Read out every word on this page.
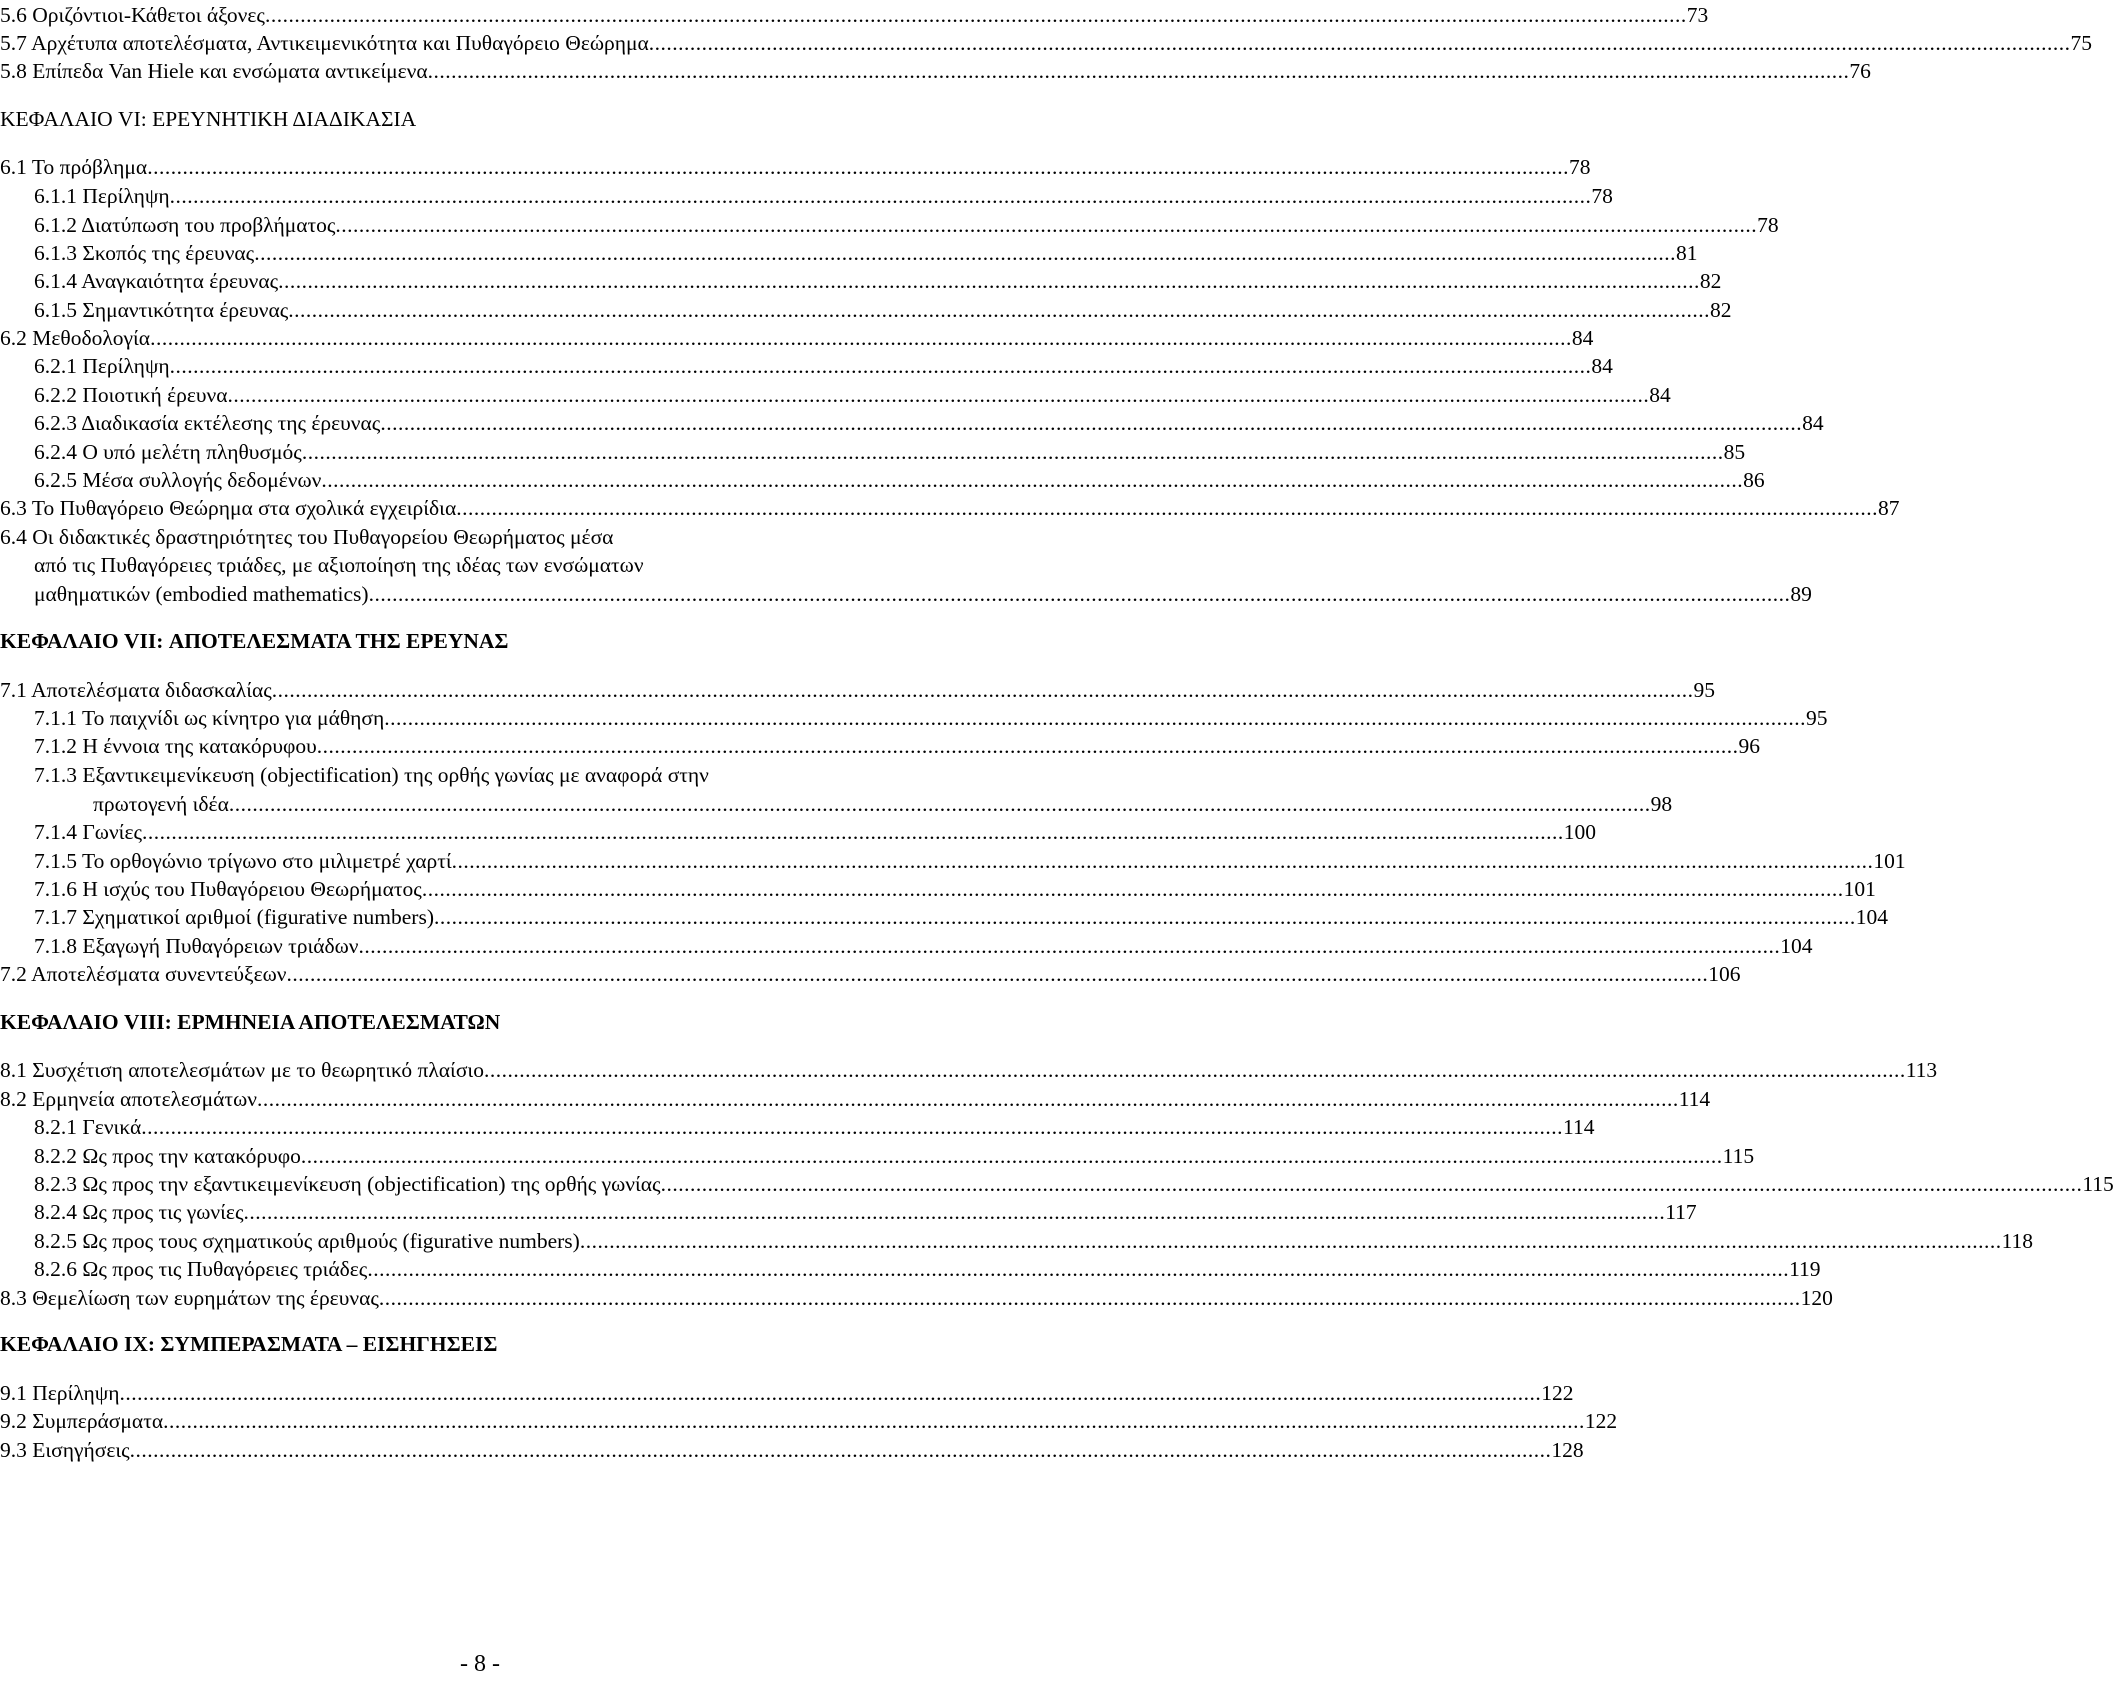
5.6 Οριζόντιοι-Κάθετοι άξονες .....	73
5.7 Αρχέτυπα αποτελέσματα, Αντικειμενικότητα και Πυθαγόρειο Θεώρημα .....	75
5.8 Επίπεδα Van Hiele και ενσώματα αντικείμενα .....	76
ΚΕΦΑΛΑΙΟ VI: ΕΡΕΥΝΗΤΙΚΗ ΔΙΑΔΙΚΑΣΙΑ
6.1 Το πρόβλημα .....	78
6.1.1 Περίληψη .....	78
6.1.2 Διατύπωση του προβλήματος .....	78
6.1.3 Σκοπός της έρευνας .....	81
6.1.4 Αναγκαιότητα έρευνας .....	82
6.1.5 Σημαντικότητα έρευνας .....	82
6.2 Μεθοδολογία .....	84
6.2.1 Περίληψη .....	84
6.2.2 Ποιοτική έρευνα .....	84
6.2.3 Διαδικασία εκτέλεσης της έρευνας .....	84
6.2.4 Ο υπό μελέτη πληθυσμός .....	85
6.2.5 Μέσα συλλογής δεδομένων .....	86
6.3 Το Πυθαγόρειο Θεώρημα στα σχολικά εγχειρίδια .....	87
6.4 Οι διδακτικές δραστηριότητες του Πυθαγορείου Θεωρήματος μέσα
από τις Πυθαγόρειες τριάδες, με αξιοποίηση της ιδέας των ενσώματων
μαθηματικών (embodied mathematics) .....	89
ΚΕΦΑΛΑΙΟ VII: ΑΠΟΤΕΛΕΣΜΑΤΑ ΤΗΣ ΕΡΕΥΝΑΣ
7.1 Αποτελέσματα διδασκαλίας .....	95
7.1.1 Το παιχνίδι ως κίνητρο για μάθηση .....	95
7.1.2 Η έννοια της κατακόρυφου .....	96
7.1.3 Εξαντικειμενίκευση (objectification) της ορθής γωνίας με αναφορά στην
πρωτογενή ιδέα .....	98
7.1.4 Γωνίες .....	100
7.1.5 Το ορθογώνιο τρίγωνο στο μιλιμετρέ χαρτί .....	101
7.1.6 Η ισχύς του Πυθαγόρειου Θεωρήματος .....	101
7.1.7 Σχηματικοί αριθμοί (figurative numbers) .....	104
7.1.8 Εξαγωγή Πυθαγόρειων τριάδων .....	104
7.2 Αποτελέσματα συνεντεύξεων .....	106
ΚΕΦΑΛΑΙΟ VIII: ΕΡΜΗΝΕΙΑ ΑΠΟΤΕΛΕΣΜΑΤΩΝ
8.1 Συσχέτιση αποτελεσμάτων με το θεωρητικό πλαίσιο .....	113
8.2 Ερμηνεία αποτελεσμάτων .....	114
8.2.1 Γενικά .....	114
8.2.2 Ως προς την κατακόρυφο .....	115
8.2.3 Ως προς την εξαντικειμενίκευση (objectification) της ορθής γωνίας .....	115
8.2.4 Ως προς τις γωνίες .....	117
8.2.5 Ως προς τους σχηματικούς αριθμούς (figurative numbers) .....	118
8.2.6 Ως προς τις Πυθαγόρειες τριάδες .....	119
8.3 Θεμελίωση των ευρημάτων της έρευνας .....	120
ΚΕΦΑΛΑΙΟ IX: ΣΥΜΠΕΡΑΣΜΑΤΑ – ΕΙΣΗΓΗΣΕΙΣ
9.1 Περίληψη .....	122
9.2 Συμπεράσματα .....	122
9.3 Εισηγήσεις .....	128
- 8 -
